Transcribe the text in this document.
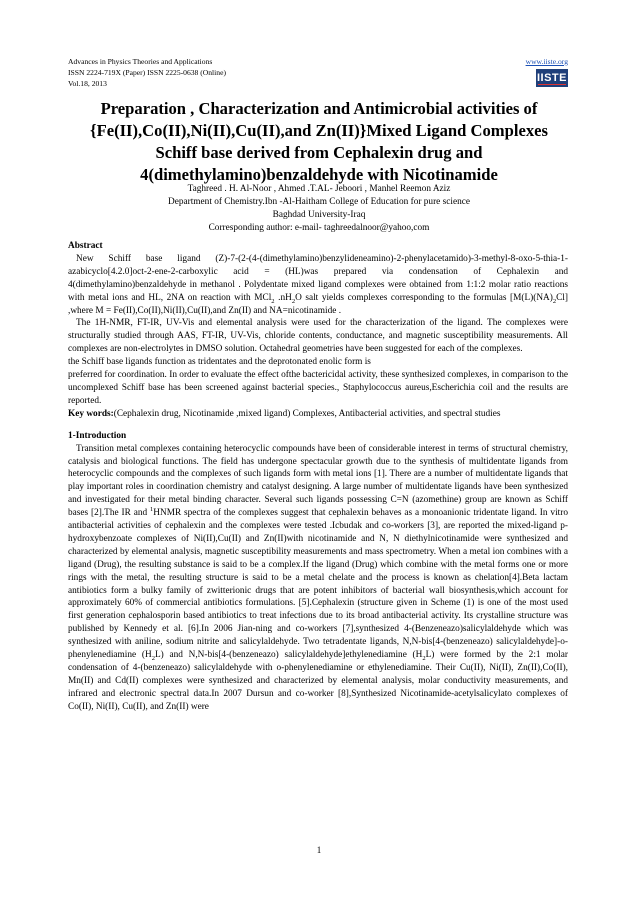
Advances in Physics Theories and Applications
ISSN 2224-719X (Paper) ISSN 2225-0638 (Online)
Vol.18, 2013
www.iiste.org
IISTE
Preparation , Characterization and Antimicrobial activities of {Fe(II),Co(II),Ni(II),Cu(II),and Zn(II)}Mixed Ligand Complexes Schiff base derived from Cephalexin drug and 4(dimethylamino)benzaldehyde with Nicotinamide
Taghreed . H. Al-Noor , Ahmed .T.AL- Jeboori , Manhel Reemon Aziz
Department of Chemistry.Ibn -Al-Haitham College of Education for pure science
Baghdad University-Iraq
Corresponding author: e-mail- taghreedalnoor@yahoo,com

Abstract

New Schiff base ligand (Z)-7-(2-(4-(dimethylamino)benzylideneamino)-2-phenylacetamido)-3-methyl-8-oxo-5-thia-1-azabicyclo[4.2.0]oct-2-ene-2-carboxylic acid = (HL)was prepared via condensation of Cephalexin and 4(dimethylamino)benzaldehyde in methanol . Polydentate mixed ligand complexes were obtained from 1:1:2 molar ratio reactions with metal ions and HL, 2NA on reaction with MCl$_2$ $.nH_2O$ salt yields complexes corresponding to the formulas $[M(L)(NA)_2Cl]$ ,where M = Fe(II),Co(II),Ni(II),Cu(II),and Zn(II) and NA=nicotinamide .

The 1H-NMR, FT-IR, UV-Vis and elemental analysis were used for the characterization of the ligand. The complexes were structurally studied through AAS, FT-IR, UV-Vis, chloride contents, conductance, and magnetic susceptibility measurements. All complexes are non-electrolytes in DMSO solution. Octahedral geometries have been suggested for each of the complexes.

the Schiff base ligands function as tridentates and the deprotonated enolic form is

preferred for coordination. In order to evaluate the effect ofthe bactericidal activity, these synthesized complexes, in comparison to the uncomplexed Schiff base has been screened against bacterial species., Staphylococcus aureus,Escherichia coil and the results are reported.

Key words:(Cephalexin drug, Nicotinamide ,mixed ligand) Complexes, Antibacterial activities, and spectral studies

1-Introduction

Transition metal complexes containing heterocyclic compounds have been of considerable interest in terms of structural chemistry, catalysis and biological functions. The field has undergone spectacular growth due to the synthesis of multidentate ligands from heterocyclic compounds and the complexes of such ligands form with metal ions [1]. There are a number of multidentate ligands that play important roles in coordination chemistry and catalyst designing. A large number of multidentate ligands have been synthesized and investigated for their metal binding character. Several such ligands possessing C=N (azomethine) group are known as Schiff bases [2].The IR and $^1$HNMR spectra of the complexes suggest that cephalexin behaves as a monoanionic tridentate ligand. In vitro antibacterial activities of cephalexin and the complexes were tested .Icbudak and co-workers [3], are reported the mixed-ligand p-hydroxybenzoate complexes of Ni(II),Cu(II) and Zn(II)with nicotinamide and N, N diethylnicotinamide were synthesized and characterized by elemental analysis, magnetic susceptibility measurements and mass spectrometry. When a metal ion combines with a ligand (Drug), the resulting substance is said to be a complex.If the ligand (Drug) which combine with the metal forms one or more rings with the metal, the resulting structure is said to be a metal chelate and the process is known as chelation[4].Beta lactam antibiotics form a bulky family of zwitterionic drugs that are potent inhibitors of bacterial wall biosynthesis,which account for approximately 60% of commercial antibiotics formulations. [5].Cephalexin (structure given in Scheme (1) is one of the most used first generation cephalosporin based antibiotics to treat infections due to its broad antibacterial activity. Its crystalline structure was published by Kennedy et al. [6].In 2006 Jian-ning and co-workers [7],synthesized 4-(Benzeneazo)salicylaldehyde which was synthesized with aniline, sodium nitrite and salicylaldehyde. Two tetradentate ligands, N,N-bis[4-(benzeneazo) salicylaldehyde]-o-phenylenediamine $(H_2L)$ and N,N-bis[4-(benzeneazo) salicylaldehyde]ethylenediamine $(H_2L)$ were formed by the 2:1 molar condensation of 4-(benzeneazo) salicylaldehyde with o-phenylenediamine or ethylenediamine. Their Cu(II), Ni(II), Zn(II),Co(II), Mn(II) and Cd(II) complexes were synthesized and characterized by elemental analysis, molar conductivity measurements, and infrared and electronic spectral data.In 2007 Dursun and co-worker [8],Synthesized Nicotinamide-acetylsalicylato complexes of Co(II), Ni(II), Cu(II), and Zn(II) were

1
